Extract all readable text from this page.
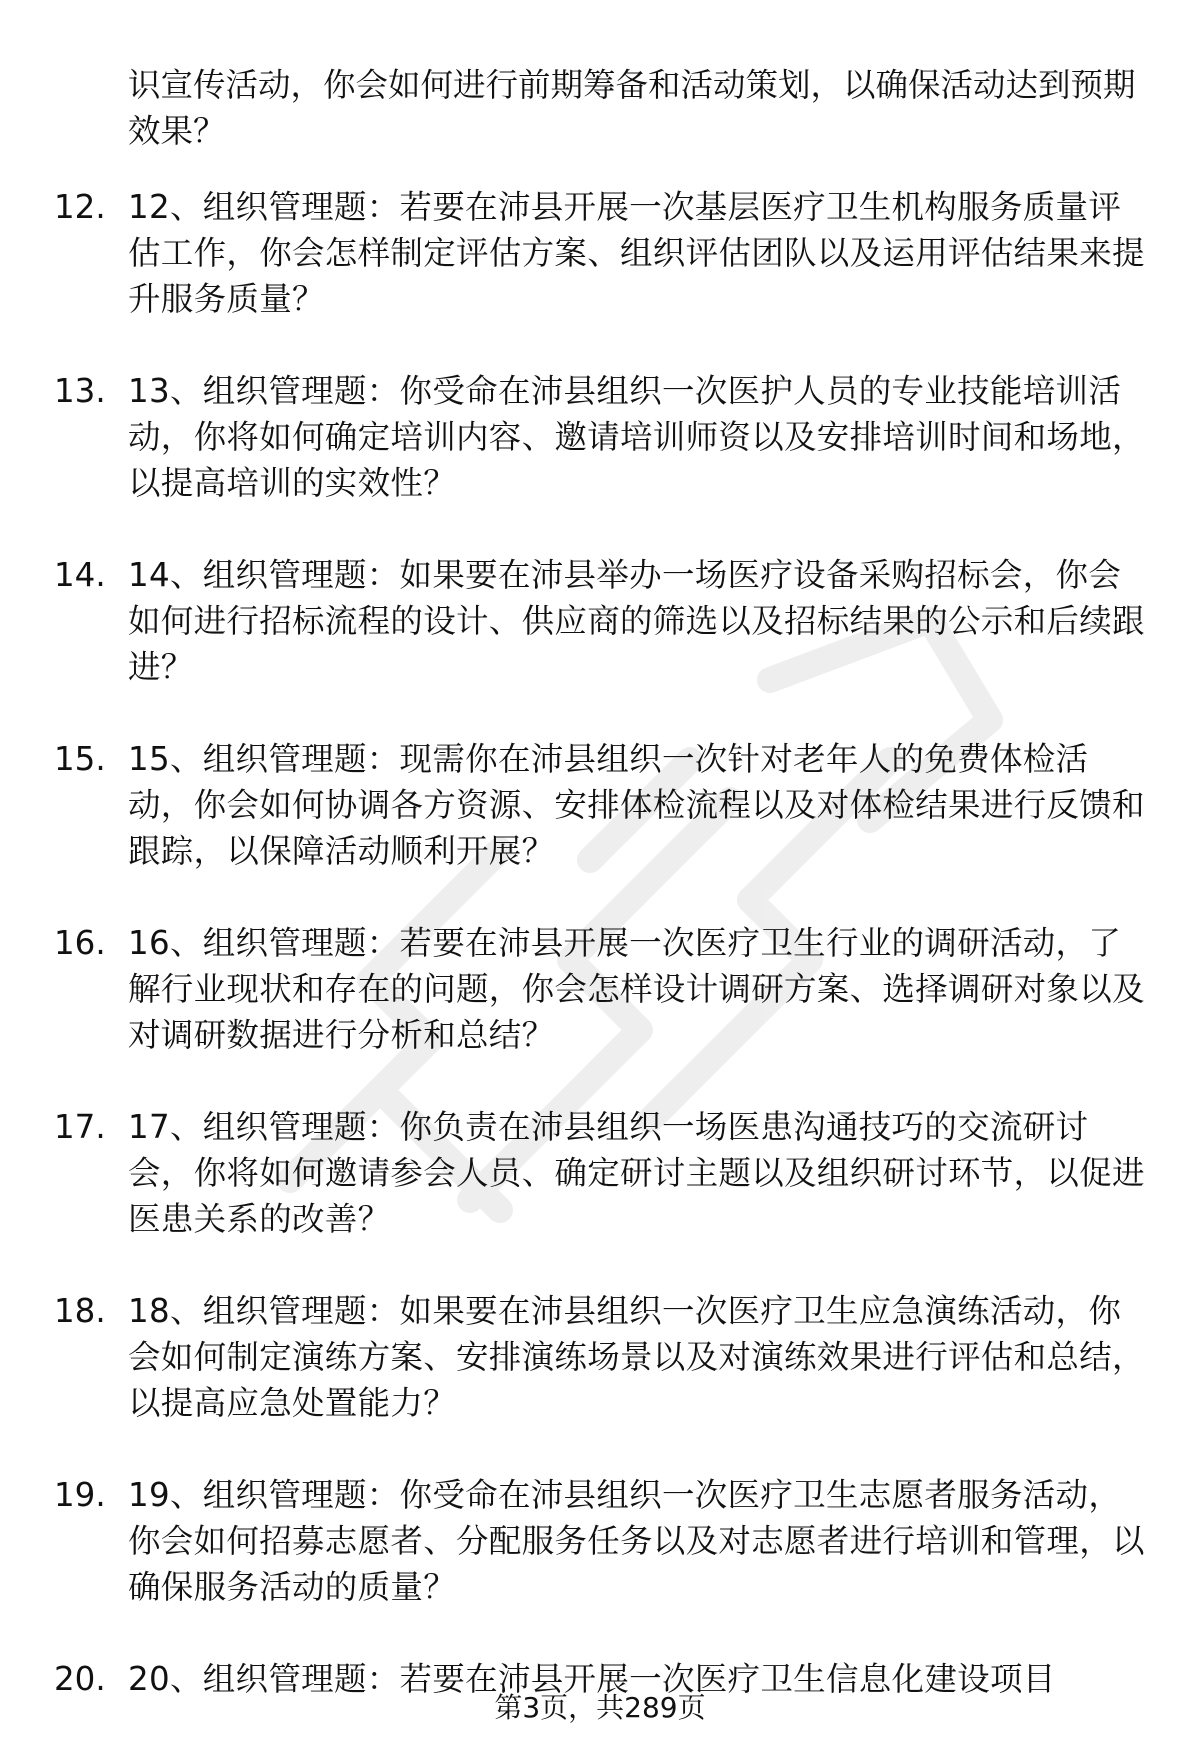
识宣传活动，你会如何进行前期筹备和活动策划，以确保活动达到预期效果？
12. 12、组织管理题：若要在沛县开展一次基层医疗卫生机构服务质量评估工作，你会怎样制定评估方案、组织评估团队以及运用评估结果来提升服务质量？
13. 13、组织管理题：你受命在沛县组织一次医护人员的专业技能培训活动，你将如何确定培训内容、邀请培训师资以及安排培训时间和场地，以提高培训的实效性？
14. 14、组织管理题：如果要在沛县举办一场医疗设备采购招标会，你会如何进行招标流程的设计、供应商的筛选以及招标结果的公示和后续跟进？
15. 15、组织管理题：现需你在沛县组织一次针对老年人的免费体检活动，你会如何协调各方资源、安排体检流程以及对体检结果进行反馈和跟踪，以保障活动顺利开展？
16. 16、组织管理题：若要在沛县开展一次医疗卫生行业的调研活动，了解行业现状和存在的问题，你会怎样设计调研方案、选择调研对象以及对调研数据进行分析和总结？
17. 17、组织管理题：你负责在沛县组织一场医患沟通技巧的交流研讨会，你将如何邀请参会人员、确定研讨主题以及组织研讨环节，以促进医患关系的改善？
18. 18、组织管理题：如果要在沛县组织一次医疗卫生应急演练活动，你会如何制定演练方案、安排演练场景以及对演练效果进行评估和总结，以提高应急处置能力？
19. 19、组织管理题：你受命在沛县组织一次医疗卫生志愿者服务活动，你会如何招募志愿者、分配服务任务以及对志愿者进行培训和管理，以确保服务活动的质量？
20. 20、组织管理题：若要在沛县开展一次医疗卫生信息化建设项目
第3页，共289页
